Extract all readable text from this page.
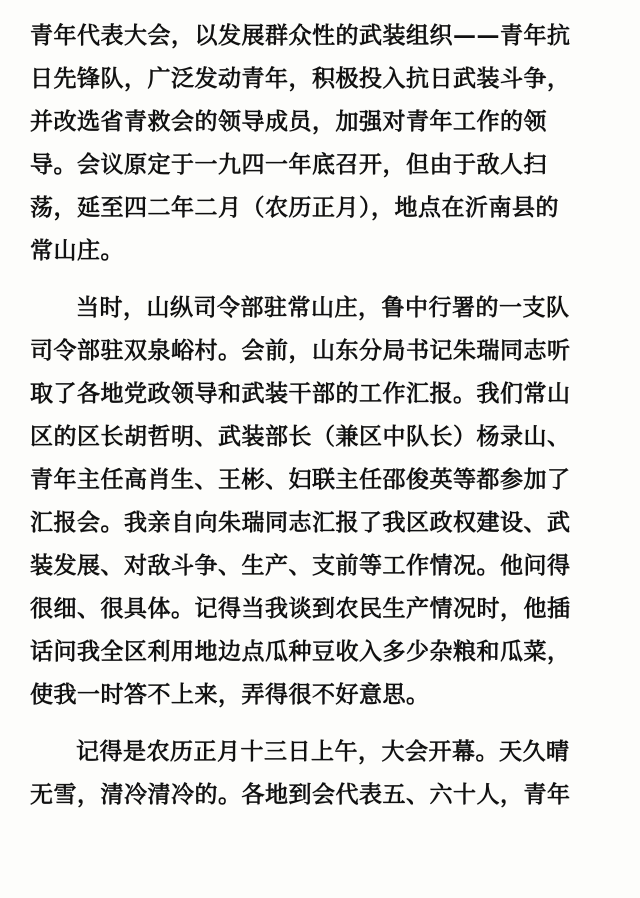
青年代表大会，以发展群众性的武装组织——青年抗
日先锋队，广泛发动青年，积极投入抗日武装斗争，
并改选省青救会的领导成员，加强对青年工作的领
导。会议原定于一九四一年底召开，但由于敌人扫
荡，延至四二年二月（农历正月），地点在沂南县的
常山庄。
当时，山纵司令部驻常山庄，鲁中行署的一支队
司令部驻双泉峪村。会前，山东分局书记朱瑞同志听
取了各地党政领导和武装干部的工作汇报。我们常山
区的区长胡哲明、武装部长（兼区中队长）杨录山、
青年主任高肖生、王彬、妇联主任邵俊英等都参加了
汇报会。我亲自向朱瑞同志汇报了我区政权建设、武
装发展、对敌斗争、生产、支前等工作情况。他问得
很细、很具体。记得当我谈到农民生产情况时，他插
话问我全区利用地边点瓜种豆收入多少杂粮和瓜菜，
使我一时答不上来，弄得很不好意思。
记得是农历正月十三日上午，大会开幕。天久晴
无雪，清冷清冷的。各地到会代表五、六十人，青年
